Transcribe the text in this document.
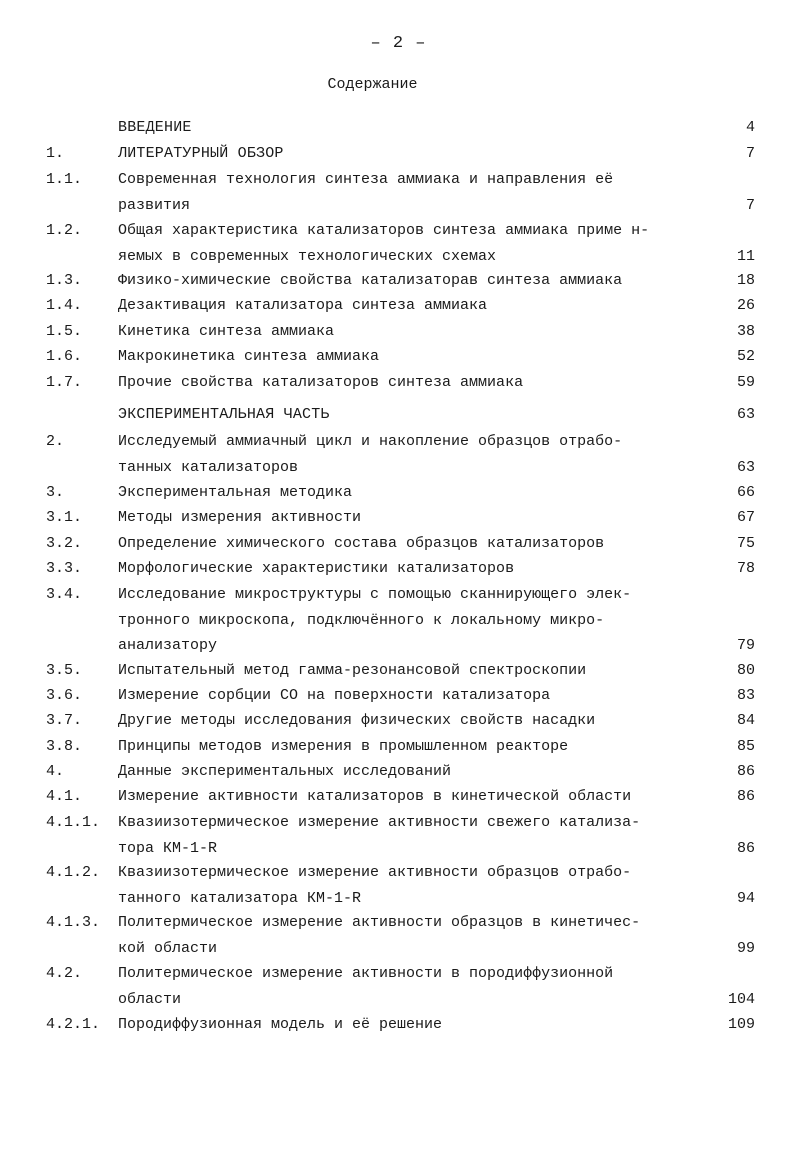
– 2 –
Содержание
ВВЕДЕНИЕ	4
1.	ЛИТЕРАТУРНЫЙ ОБЗОР	7
1.1. Современная технология синтеза аммиака и направления её
развития	7
1.2. Общая характеристика катализаторов синтеза аммиака приме н-
яемых в современных технологических схемах	11
1.3. Физико-химические свойства катализаторав синтеза аммиака	18
1.4. Дезактивация катализатора синтеза аммиака	26
1.5. Кинетика синтеза аммиака	38
1.6. Макрокинетика синтеза аммиака	52
1.7. Прочие свойства катализаторов синтеза аммиака	59
ЭКСПЕРИМЕНТАЛЬНАЯ ЧАСТЬ	63
2.	Исследуемый аммиачный цикл и накопление образцов отрабо-
танных катализаторов	63
3.	Экспериментальная методика	66
3.1. Методы измерения активности	67
3.2. Определение химического состава образцов катализаторов	75
3.3. Морфологические характеристики катализаторов	78
3.4. Исследование микроструктуры с помощью сканнирующего элек-
тронного микроскопа, подключённого к локальному микро-
анализатору	79
3.5. Испытательный метод гамма-резонансовой спектроскопии	80
3.6. Измерение сорбции СО на поверхности катализатора	83
3.7. Другие методы исследования физических свойств насадки	84
3.8. Принципы методов измерения в промышленном реакторе	85
4.	Данные экспериментальных исследований	86
4.1. Измерение активности катализаторов в кинетической области	86
4.1.1. Квазиизотермическое измерение активности свежего катализа-
тора КМ-1-R	86
4.1.2. Квазиизотермическое измерение активности образцов отрабо-
танного катализатора КМ-1-R	94
4.1.3. Политермическое измерение активности образцов в кинетичес-
кой области	99
4.2. Политермическое измерение активности в породиффузионной
области	104
4.2.1. Породиффузионная модель и её решение	109
